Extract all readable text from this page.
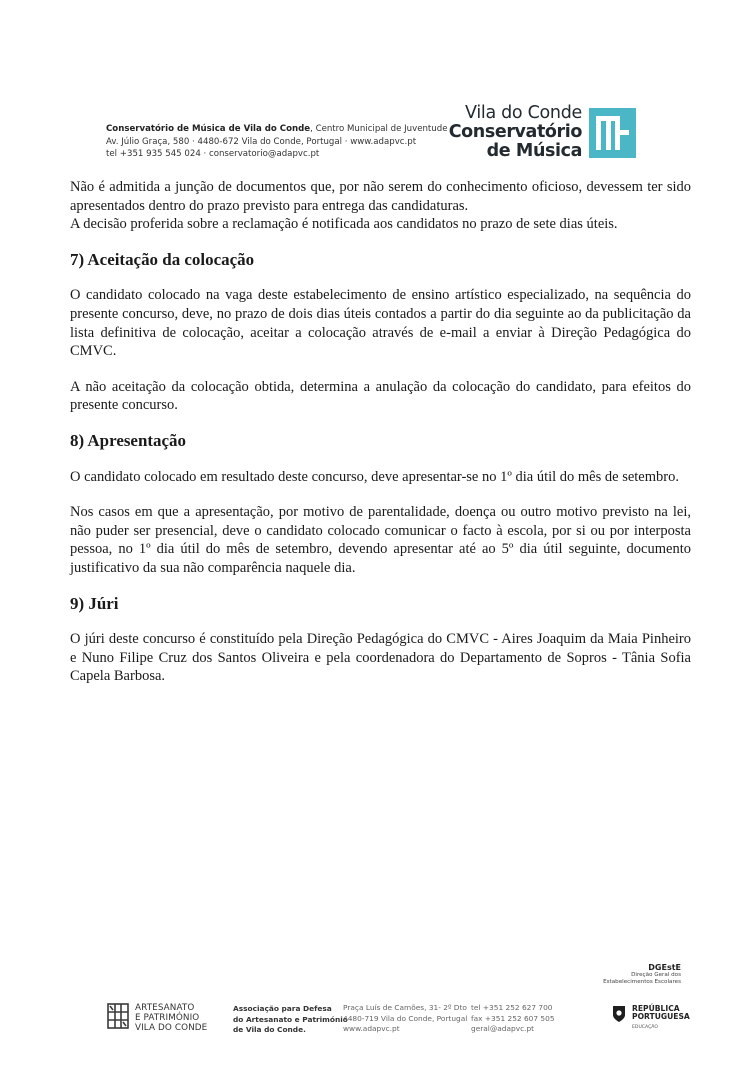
Conservatório de Música de Vila do Conde, Centro Municipal de Juventude
Av. Júlio Graça, 580 · 4480-672 Vila do Conde, Portugal · www.adapvc.pt
tel +351 935 545 024 · conservatorio@adapvc.pt
Vila do Conde
Conservatório
de Música

Não é admitida a junção de documentos que, por não serem do conhecimento oficioso, devessem ter sido apresentados dentro do prazo previsto para entrega das candidaturas.

A decisão proferida sobre a reclamação é notificada aos candidatos no prazo de sete dias úteis.

7) Aceitação da colocação

O candidato colocado na vaga deste estabelecimento de ensino artístico especializado, na sequência do presente concurso, deve, no prazo de dois dias úteis contados a partir do dia seguinte ao da publicitação da lista definitiva de colocação, aceitar a colocação através de e-mail a enviar à Direção Pedagógica do CMVC.

A não aceitação da colocação obtida, determina a anulação da colocação do candidato, para efeitos do presente concurso.

8) Apresentação

O candidato colocado em resultado deste concurso, deve apresentar-se no 1º dia útil do mês de setembro.

Nos casos em que a apresentação, por motivo de parentalidade, doença ou outro motivo previsto na lei, não puder ser presencial, deve o candidato colocado comunicar o facto à escola, por si ou por interposta pessoa, no 1º dia útil do mês de setembro, devendo apresentar até ao 5º dia útil seguinte, documento justificativo da sua não comparência naquele dia.

9) Júri

O júri deste concurso é constituído pela Direção Pedagógica do CMVC - Aires Joaquim da Maia Pinheiro e Nuno Filipe Cruz dos Santos Oliveira e pela coordenadora do Departamento de Sopros - Tânia Sofia Capela Barbosa.

DGEstE
Direção Geral dos
Estabelecimentos Escolares
ARTESANATO
E PATRIMÓNIO
VILA DO CONDE
Associação para Defesa
do Artesanato e Património
de Vila do Conde.
Praça Luís de Camões, 31- 2º Dto
4480-719 Vila do Conde, Portugal
www.adapvc.pt
tel +351 252 627 700
fax +351 252 607 505
geral@adapvc.pt
REPÚBLICA
PORTUGUESA
EDUCAÇÃO
